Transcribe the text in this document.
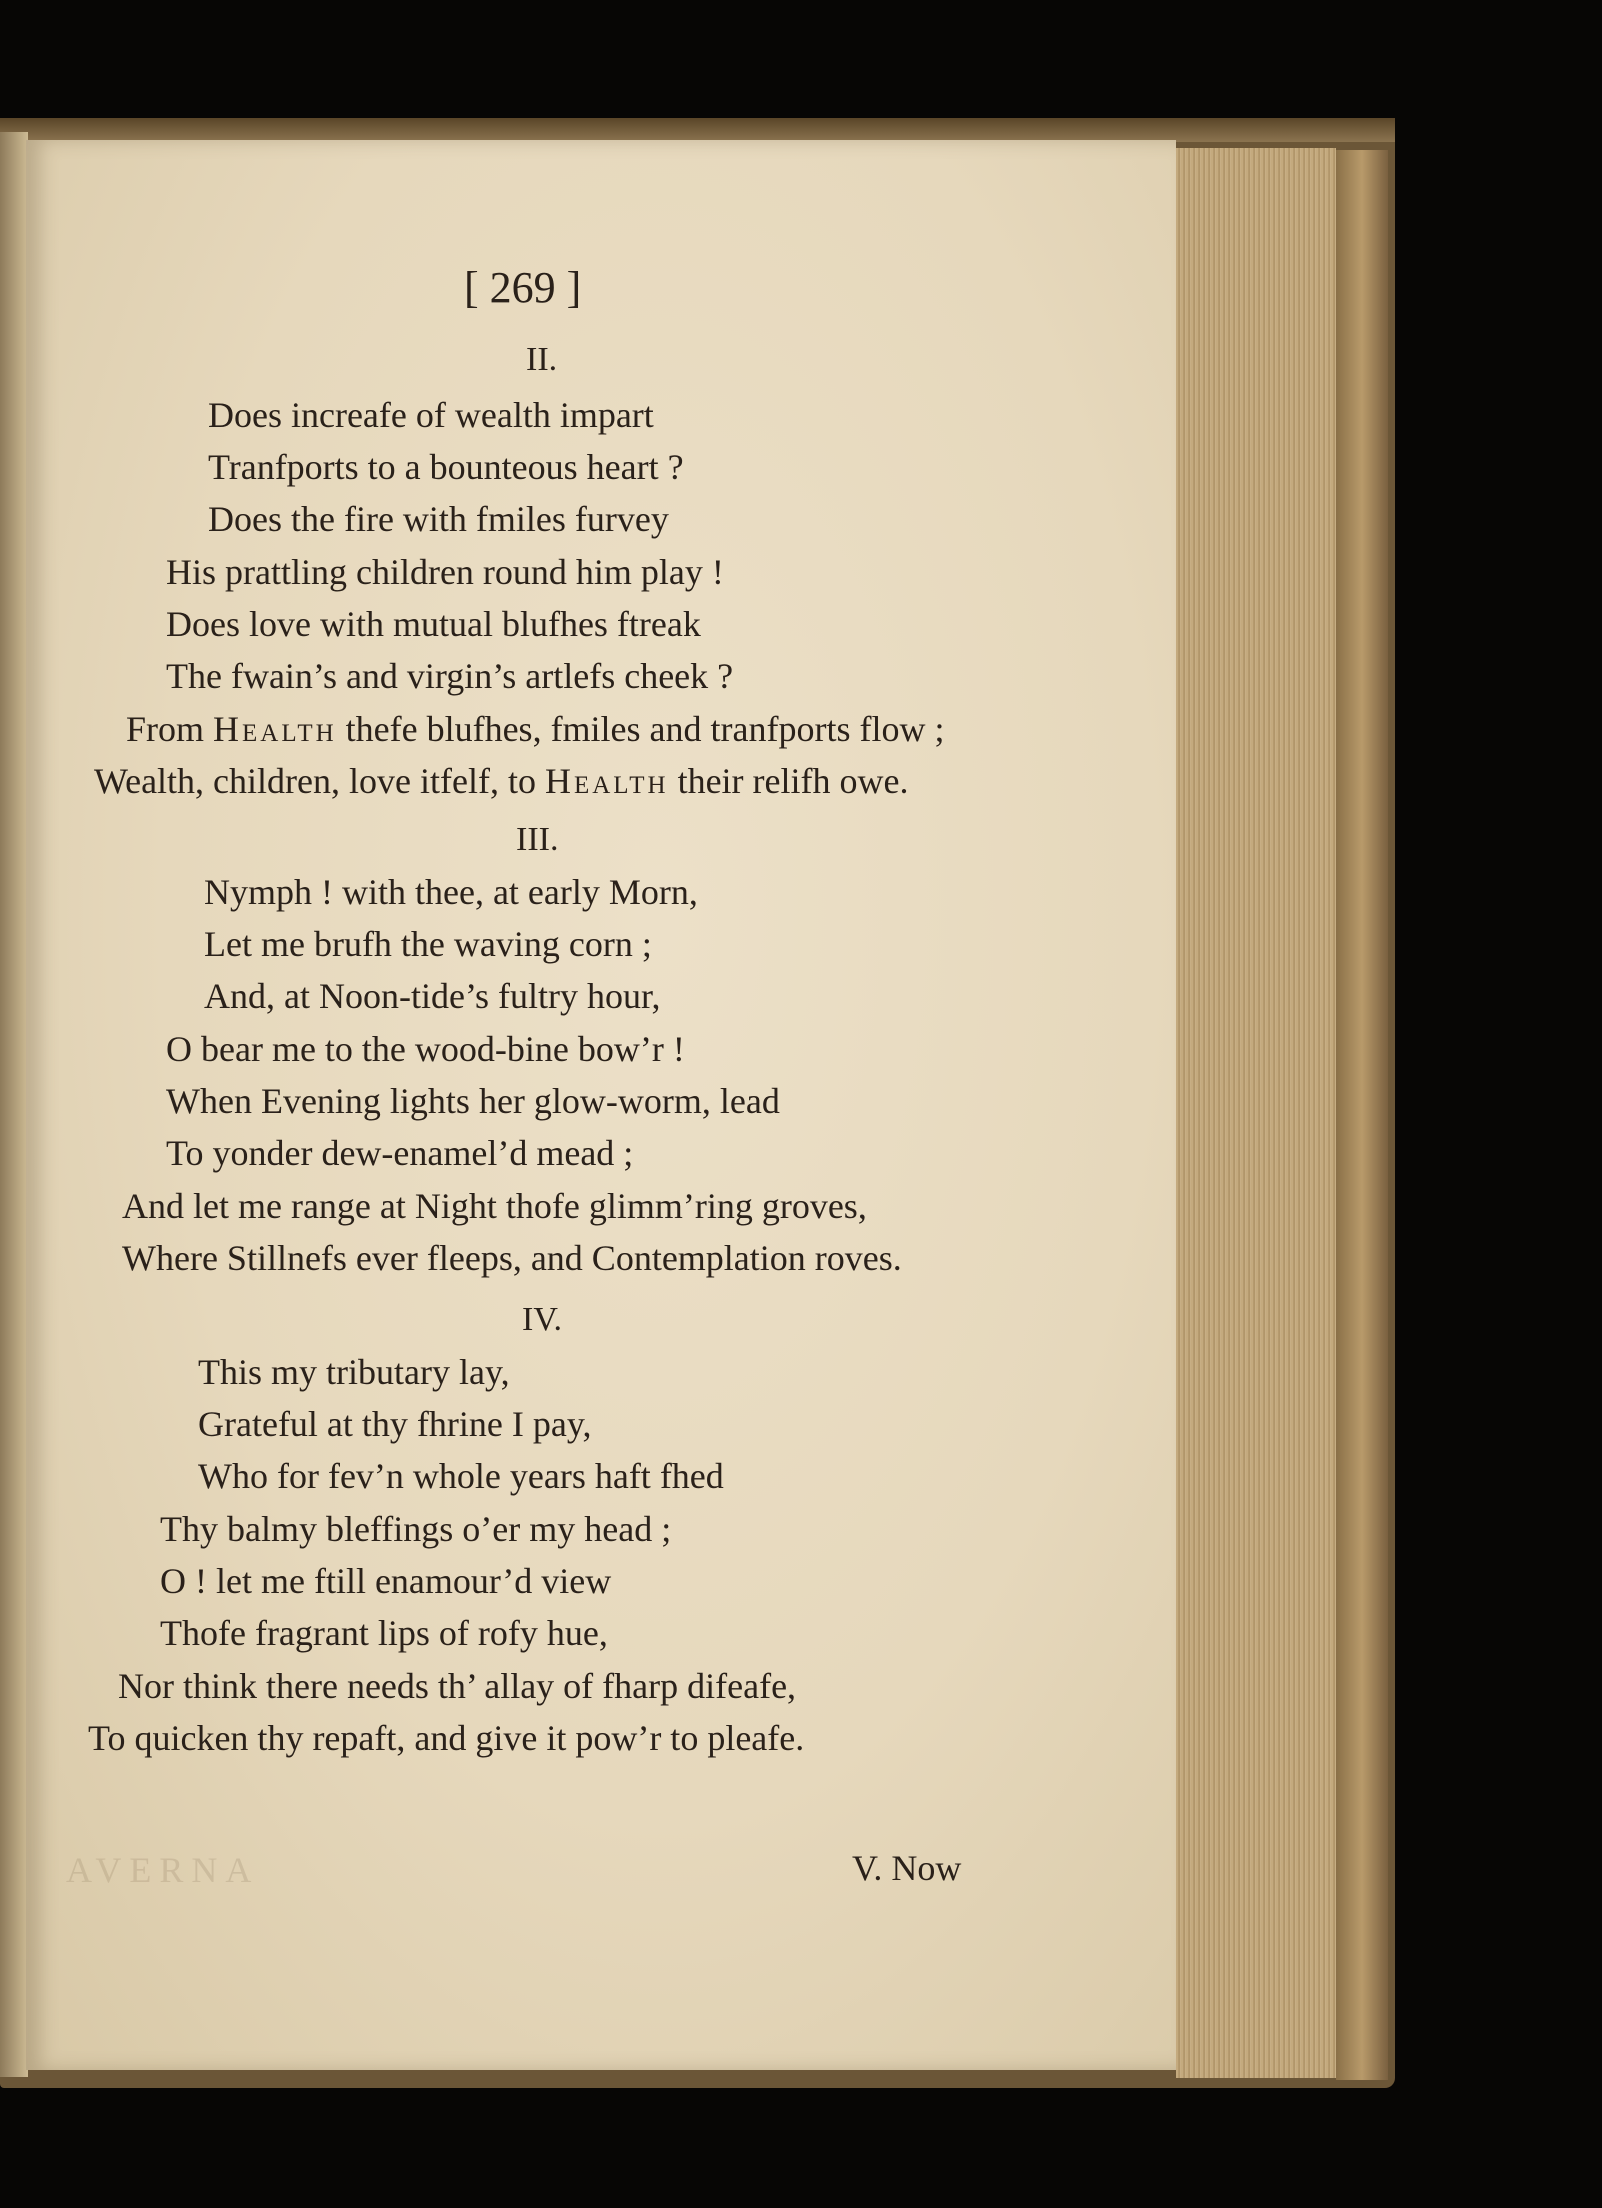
[ 269 ]
II.
Does increafe of wealth impart
Tranfports to a bounteous heart ?
Does the fire with fmiles furvey
His prattling children round him play !
Does love with mutual blufhes ftreak
The fwain’s and virgin’s artlefs cheek ?
From Health thefe blufhes, fmiles and tranfports flow ;
Wealth, children, love itfelf, to Health their relifh owe.
III.
Nymph ! with thee, at early Morn,
Let me brufh the waving corn ;
And, at Noon-tide’s fultry hour,
O bear me to the wood-bine bow’r !
When Evening lights her glow-worm, lead
To yonder dew-enamel’d mead ;
And let me range at Night thofe glimm’ring groves,
Where Stillnefs ever fleeps, and Contemplation roves.
IV.
This my tributary lay,
Grateful at thy fhrine I pay,
Who for fev’n whole years haft fhed
Thy balmy bleffings o’er my head ;
O ! let me ftill enamour’d view
Thofe fragrant lips of rofy hue,
Nor think there needs th’ allay of fharp difeafe,
To quicken thy repaft, and give it pow’r to pleafe.
AVERNA	V. Now
